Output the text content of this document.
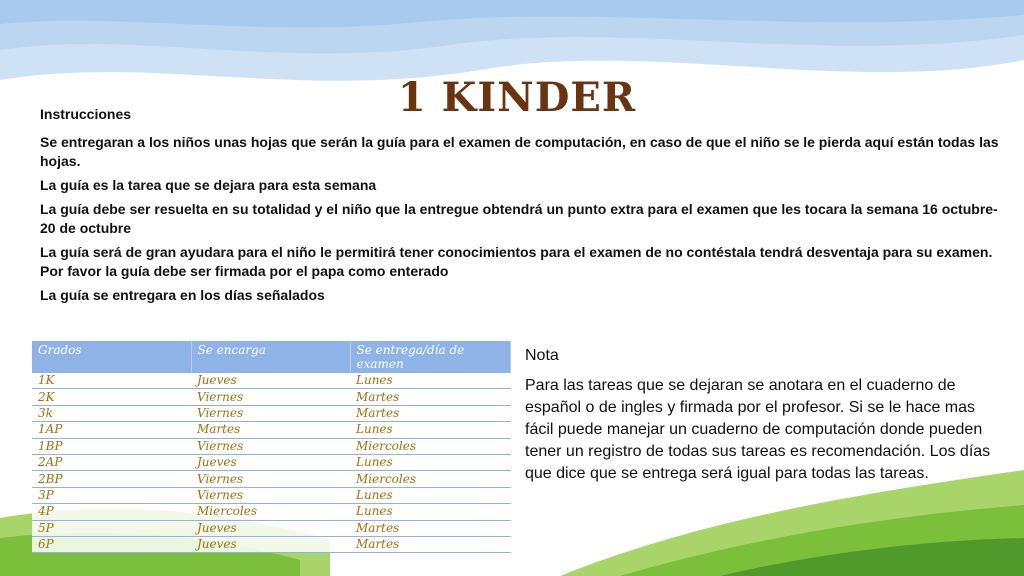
1 KINDER

Instrucciones

Se entregaran a los niños unas hojas que serán la guía para el examen de computación, en caso de que el niño se le pierda aquí están todas las hojas.

La guía es la tarea que se dejara para esta semana

La guía debe ser resuelta en su totalidad y el niño que la entregue obtendrá un punto extra para el examen que les tocara la semana 16 octubre-20 de octubre

La guía será de gran ayudara para el niño le permitirá tener conocimientos para el examen de no contéstala tendrá desventaja para su examen. Por favor la guía debe ser firmada por el papa como enterado

La guía se entregara en los días señalados

Grados	Se encarga	Se entrega/día de examen
1K	Jueves	Lunes
2K	Viernes	Martes
3k	Viernes	Martes
1AP	Martes	Lunes
1BP	Viernes	Miercoles
2AP	Jueves	Lunes
2BP	Viernes	Miercoles
3P	Viernes	Lunes
4P	Miercoles	Lunes
5P	Jueves	Martes
6P	Jueves	Martes
Nota
Para las tareas que se dejaran se anotara en el cuaderno de español o de ingles y firmada por el profesor. Si se le hace mas fácil puede manejar un cuaderno de computación donde pueden tener un registro de todas sus tareas es recomendación. Los días que dice que se entrega será igual para todas las tareas.
